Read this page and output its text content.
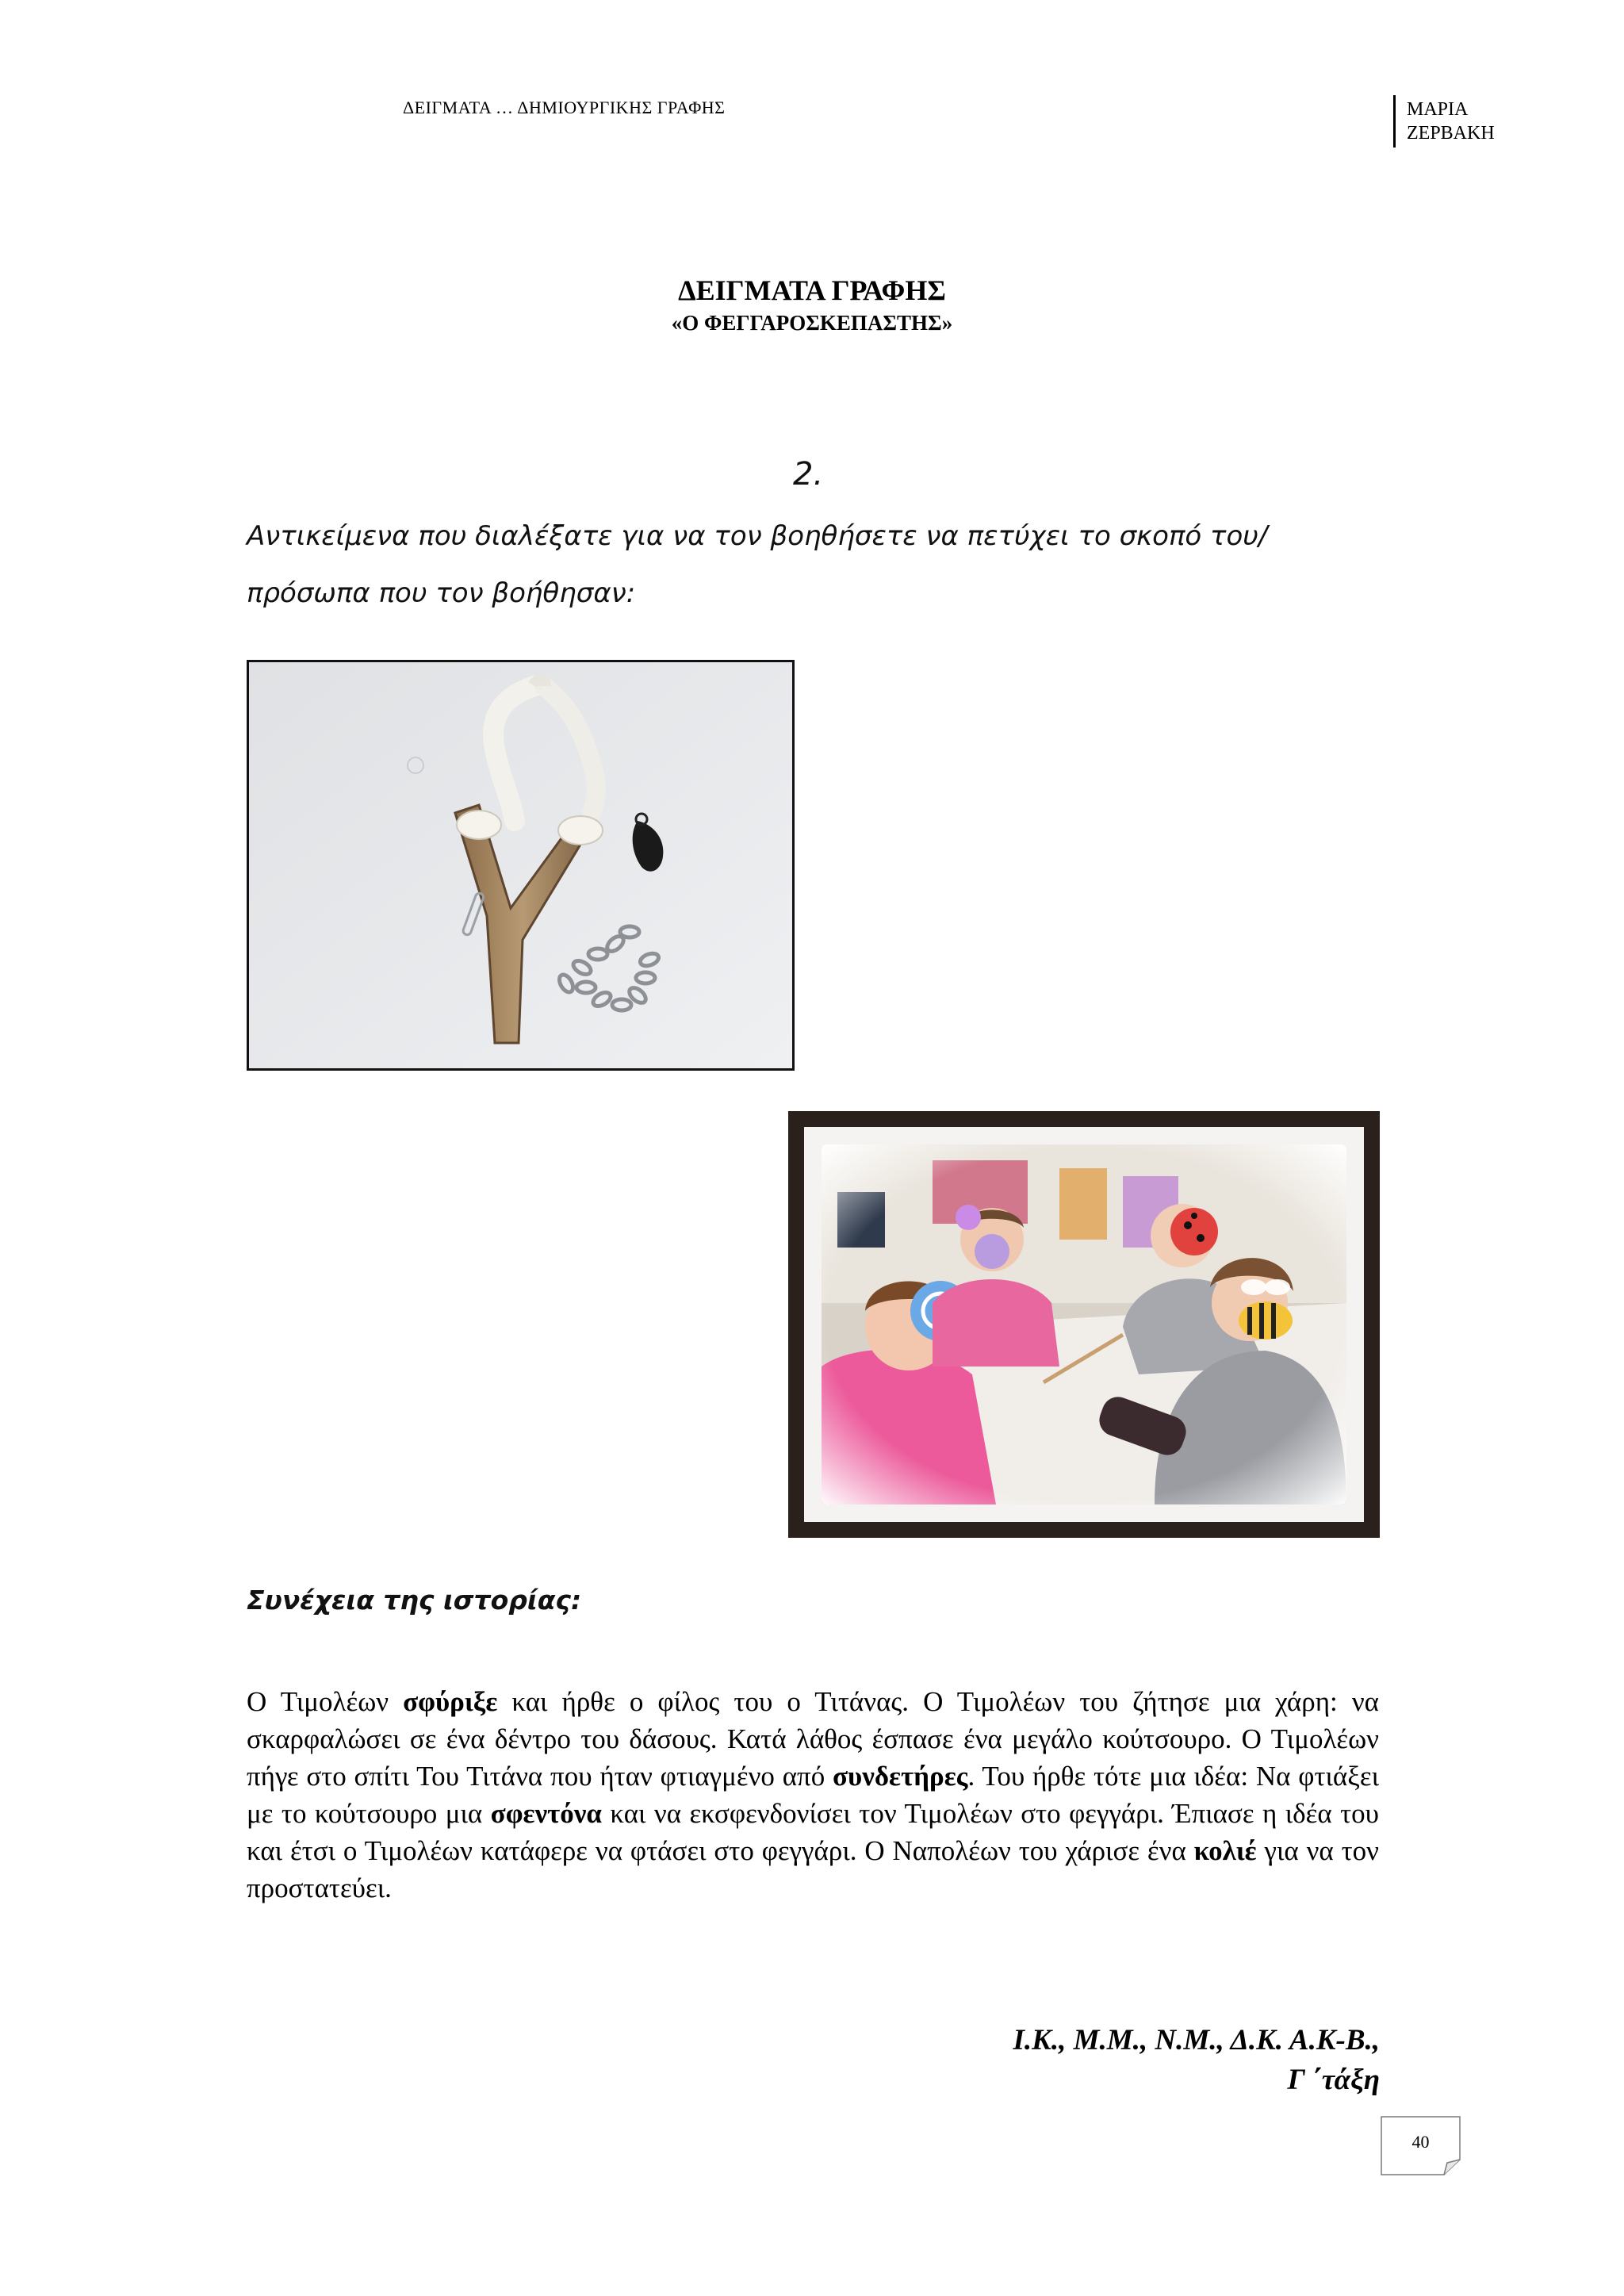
ΔΕΙΓΜΑΤΑ … ΔΗΜΙΟΥΡΓΙΚΗΣ ΓΡΑΦΗΣ	ΜΑΡΙΑ
ΖΕΡΒΑΚΗ
ΔΕΙΓΜΑΤΑ ΓΡΑΦΗΣ
«Ο ΦΕΓΓΑΡΟΣΚΕΠΑΣΤΗΣ»
2.
Αντικείμενα που διαλέξατε για να τον βοηθήσετε να πετύχει το σκοπό του/
πρόσωπα που τον βοήθησαν:
Συνέχεια της ιστορίας:
Ο Τιμολέων σφύριξε και ήρθε ο φίλος του ο Τιτάνας. Ο Τιμολέων του ζήτησε μια χάρη: να σκαρφαλώσει σε ένα δέντρο του δάσους. Κατά λάθος έσπασε ένα μεγάλο κούτσουρο. Ο Τιμολέων πήγε στο σπίτι Του Τιτάνα που ήταν φτιαγμένο από συνδετήρες. Του ήρθε τότε μια ιδέα: Να φτιάξει με το κούτσουρο μια σφεντόνα και να εκσφενδονίσει τον Τιμολέων στο φεγγάρι. Έπιασε η ιδέα του και έτσι ο Τιμολέων κατάφερε να φτάσει στο φεγγάρι. Ο Ναπολέων του χάρισε ένα κολιέ για να τον προστατεύει.
Ι.Κ., Μ.Μ., Ν.Μ., Δ.Κ. Α.Κ-Β.,
Γ ΄τάξη
40
